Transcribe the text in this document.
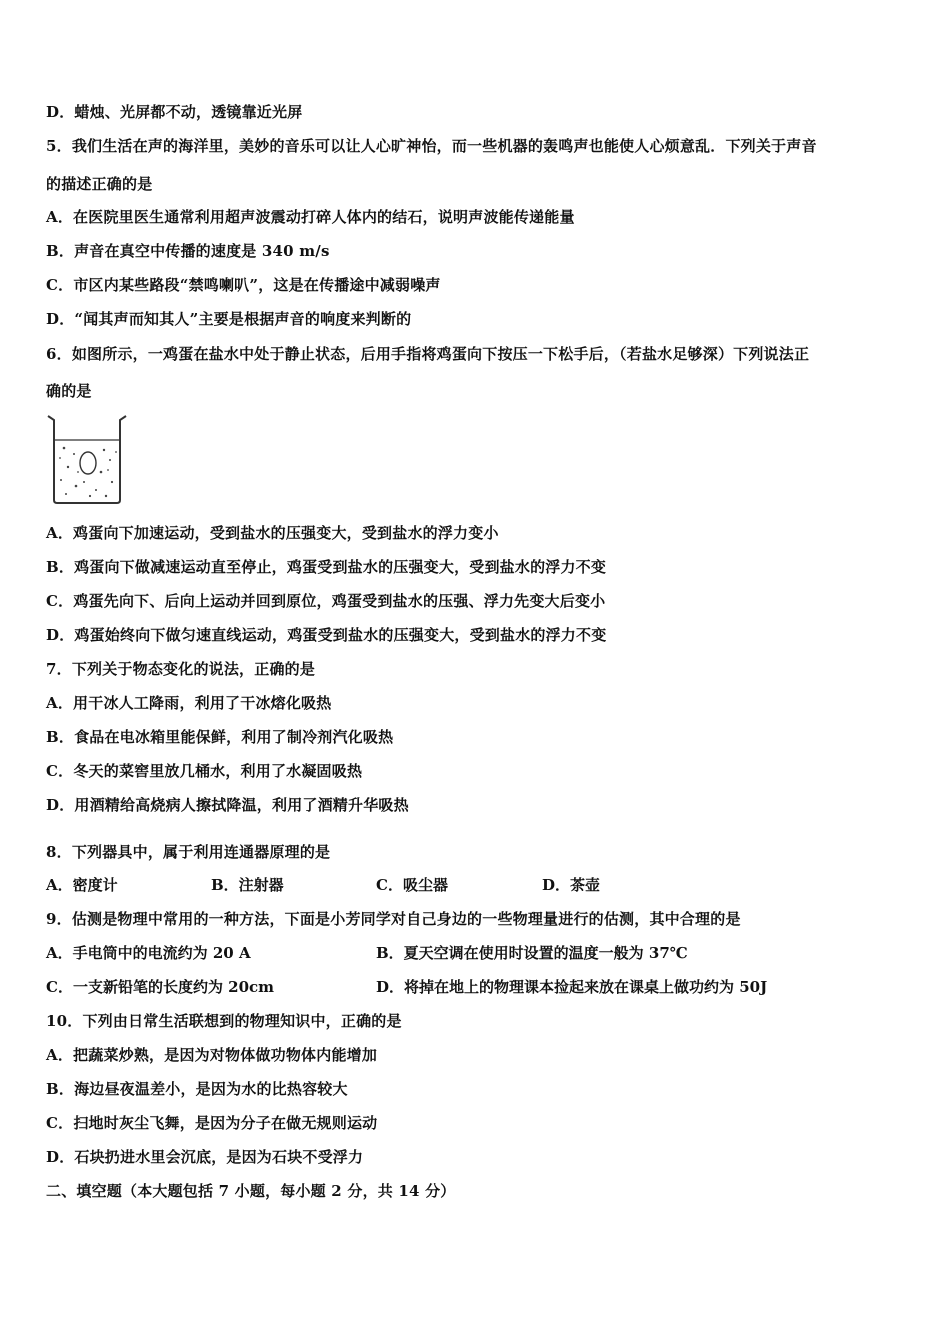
D．蜡烛、光屏都不动，透镜靠近光屏
5．我们生活在声的海洋里，美妙的音乐可以让人心旷神怡，而一些机器的轰鸣声也能使人心烦意乱．下列关于声音
的描述正确的是
A．在医院里医生通常利用超声波震动打碎人体内的结石，说明声波能传递能量
B．声音在真空中传播的速度是 340 m/s
C．市区内某些路段“禁鸣喇叭”，这是在传播途中减弱噪声
D．“闻其声而知其人”主要是根据声音的响度来判断的
6．如图所示，一鸡蛋在盐水中处于静止状态，后用手指将鸡蛋向下按压一下松手后，（若盐水足够深）下列说法正
确的是
A．鸡蛋向下加速运动，受到盐水的压强变大，受到盐水的浮力变小
B．鸡蛋向下做减速运动直至停止，鸡蛋受到盐水的压强变大，受到盐水的浮力不变
C．鸡蛋先向下、后向上运动并回到原位，鸡蛋受到盐水的压强、浮力先变大后变小
D．鸡蛋始终向下做匀速直线运动，鸡蛋受到盐水的压强变大，受到盐水的浮力不变
7．下列关于物态变化的说法，正确的是
A．用干冰人工降雨，利用了干冰熔化吸热
B．食品在电冰箱里能保鲜，利用了制冷剂汽化吸热
C．冬天的菜窖里放几桶水，利用了水凝固吸热
D．用酒精给高烧病人擦拭降温，利用了酒精升华吸热
8．下列器具中，属于利用连通器原理的是
A．密度计	B．注射器	C．吸尘器	D．茶壶
9．估测是物理中常用的一种方法，下面是小芳同学对自己身边的一些物理量进行的估测，其中合理的是
A．手电筒中的电流约为 20 A	B．夏天空调在使用时设置的温度一般为 37℃
C．一支新铅笔的长度约为 20cm	D．将掉在地上的物理课本捡起来放在课桌上做功约为 50J
10．下列由日常生活联想到的物理知识中，正确的是
A．把蔬菜炒熟，是因为对物体做功物体内能增加
B．海边昼夜温差小，是因为水的比热容较大
C．扫地时灰尘飞舞，是因为分子在做无规则运动
D．石块扔进水里会沉底，是因为石块不受浮力
二、填空题（本大题包括 7 小题，每小题 2 分，共 14 分）
